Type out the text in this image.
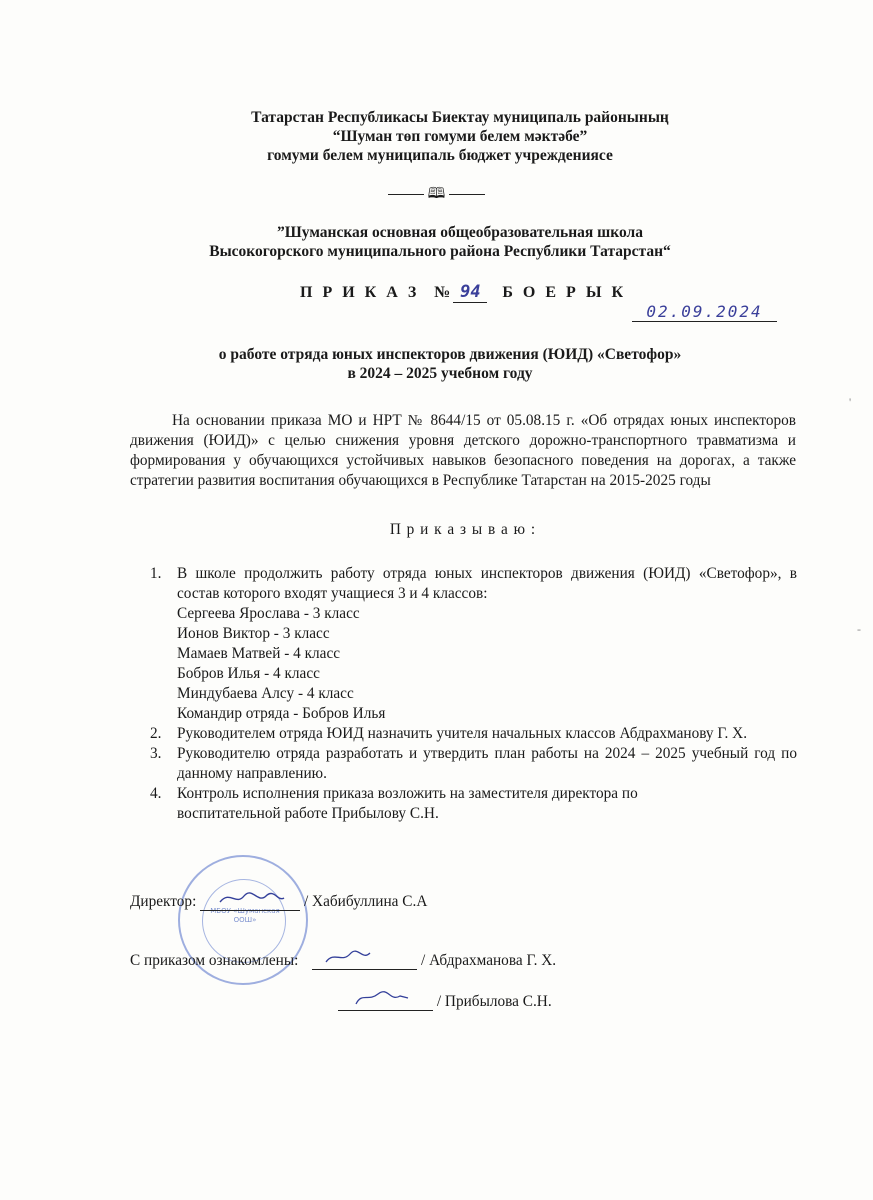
Татарстан Республикасы Биектау муниципаль районының
“Шуман төп гомуми белем мәктәбе”
гомуми белем муниципаль бюджет учреждениясе
🕮
”Шуманская основная общеобразовательная школа
Высокогорского муниципального района Республики Татарстан“
П Р И К А З № 94 Б О Е Р Ы К
02.09.2024
о работе отряда юных инспекторов движения (ЮИД) «Светофор»
в 2024 – 2025 учебном году
На основании приказа МО и НРТ № 8644/15 от 05.08.15 г. «Об отрядах юных инспекторов движения (ЮИД)» с целью снижения уровня детского дорожно-транспортного травматизма и формирования у обучающихся устойчивых навыков безопасного поведения на дорогах, а также стратегии развития воспитания обучающихся в Республике Татарстан на 2015-2025 годы
П р и к а з ы в а ю :
1. В школе продолжить работу отряда юных инспекторов движения (ЮИД) «Светофор», в состав которого входят учащиеся 3 и 4 классов:
Сергеева Ярослава - 3 класс
Ионов Виктор - 3 класс
Мамаев Матвей - 4 класс
Бобров Илья - 4 класс
Миндубаева Алсу - 4 класс
Командир отряда - Бобров Илья
2. Руководителем отряда ЮИД назначить учителя начальных классов Абдрахманову Г. Х.
3. Руководителю отряда разработать и утвердить план работы на 2024 – 2025 учебный год по данному направлению.
4. Контроль исполнения приказа возложить на заместителя директора по
воспитательной работе Прибылову С.Н.
МБОУ «Шуманская ООШ»
Директор:	/ Хабибуллина С.А
С приказом ознакомлены:	/ Абдрахманова Г. Х.
/ Прибылова С.Н.
'
-
